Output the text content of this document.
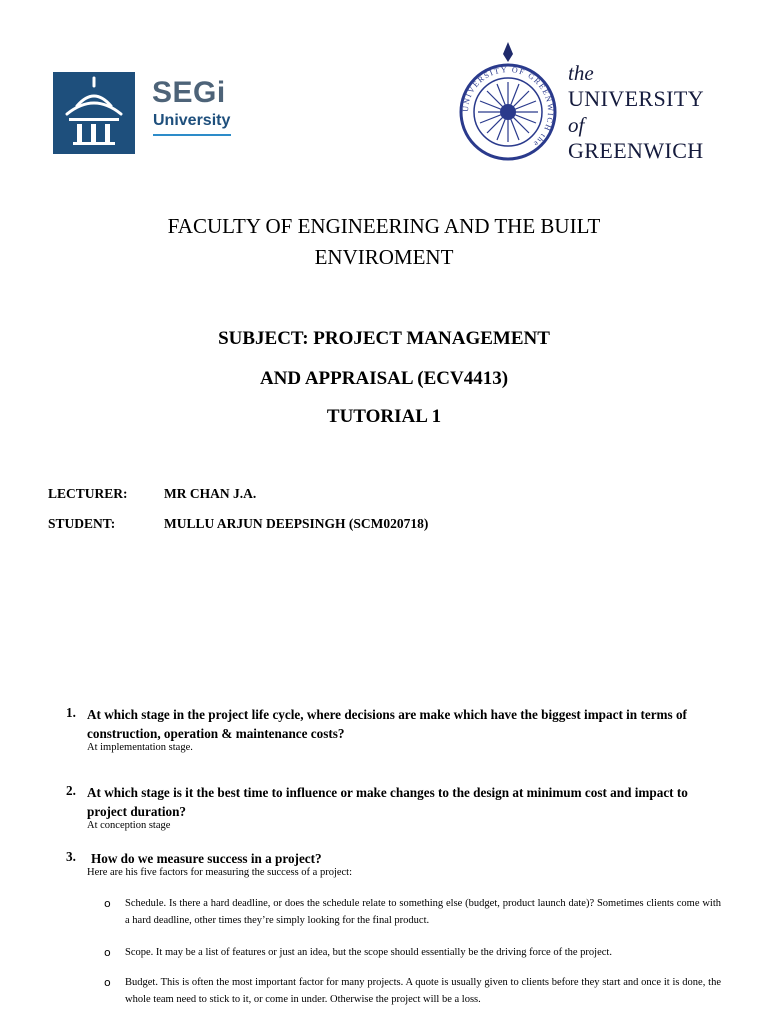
SEGi
University
UNIVERSITY OF GREENWICH the
the
UNIVERSITY
of
GREENWICH
FACULTY OF ENGINEERING AND THE BUILT
ENVIROMENT
SUBJECT: PROJECT MANAGEMENT
AND APPRAISAL (ECV4413)
TUTORIAL 1
LECTURER:	MR CHAN J.A.
STUDENT:	MULLU ARJUN DEEPSINGH (SCM020718)
1. At which stage in the project life cycle, where decisions are make which have the biggest impact in terms of construction, operation & maintenance costs?
At implementation stage.
2. At which stage is it the best time to influence or make changes to the design at minimum cost and impact to project duration?
At conception stage
3. How do we measure success in a project?
Here are his five factors for measuring the success of a project:
o Schedule. Is there a hard deadline, or does the schedule relate to something else (budget, product launch date)? Sometimes clients come with a hard deadline, other times they’re simply looking for the final product.
o Scope. It may be a list of features or just an idea, but the scope should essentially be the driving force of the project.
o Budget. This is often the most important factor for many projects. A quote is usually given to clients before they start and once it is done, the whole team need to stick to it, or come in under. Otherwise the project will be a loss.
